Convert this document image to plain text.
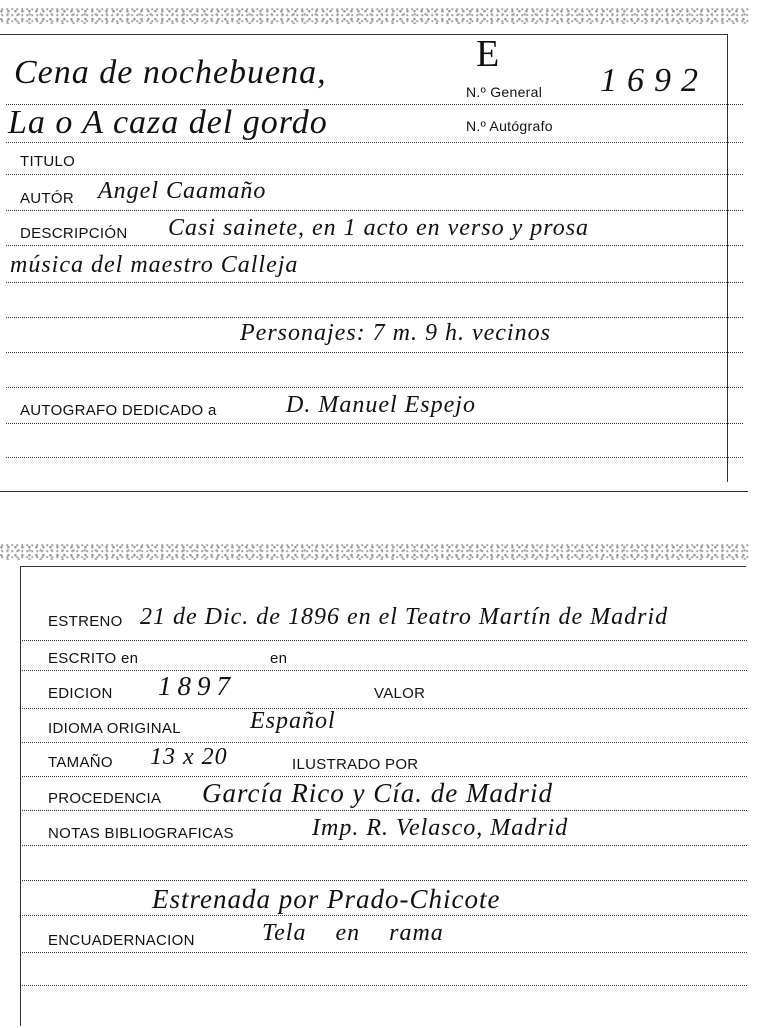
E
Cena de nochebuena,
N.º General 1692
La o A caza del gordo	N.º Autógrafo
TITULO
AUTÓR Angel Caamaño
DESCRIPCIÓN Casi sainete, en 1 acto en verso y prosa
música del maestro Calleja
Personajes: 7 m. 9 h. vecinos
AUTOGRAFO DEDICADO a	D. Manuel Espejo
ESTRENO 21 de Dic. de 1896 en el Teatro Martín de Madrid
ESCRITO en	en
EDICION 1897	VALOR
IDIOMA ORIGINAL	Español
TAMAÑO 13 x 20	ILUSTRADO POR
PROCEDENCIA García Rico y Cía. de Madrid
NOTAS BIBLIOGRAFICAS	Imp. R. Velasco, Madrid
Estrenada por Prado-Chicote
ENCUADERNACION	Tela en rama
